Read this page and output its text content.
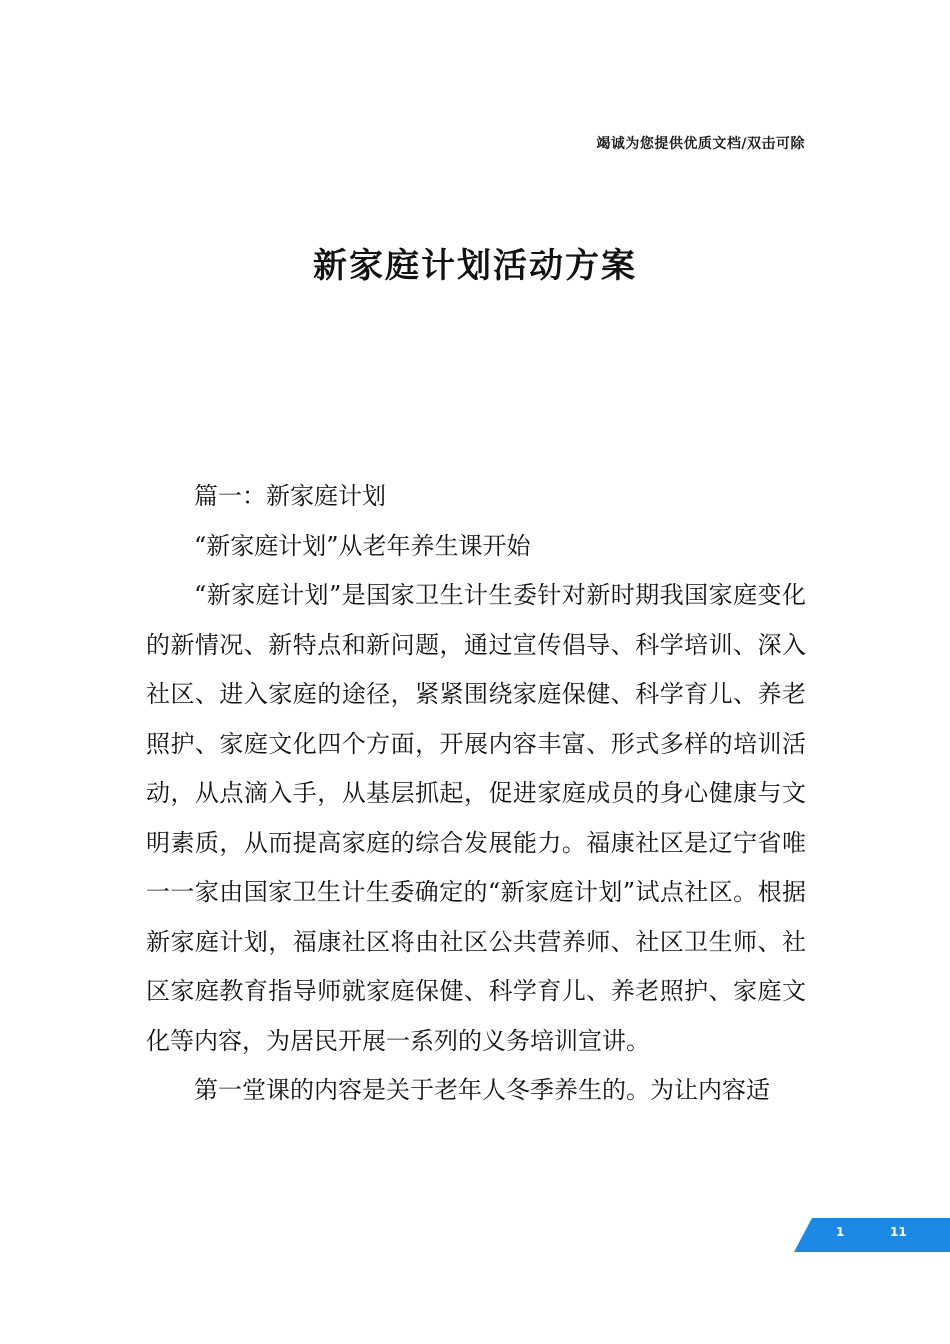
竭诚为您提供优质文档/双击可除
新家庭计划活动方案

篇一：新家庭计划

“新家庭计划”从老年养生课开始

“新家庭计划”是国家卫生计生委针对新时期我国家庭变化的新情况、新特点和新问题，通过宣传倡导、科学培训、深入社区、进入家庭的途径，紧紧围绕家庭保健、科学育儿、养老照护、家庭文化四个方面，开展内容丰富、形式多样的培训活动，从点滴入手，从基层抓起，促进家庭成员的身心健康与文明素质，从而提高家庭的综合发展能力。福康社区是辽宁省唯一一家由国家卫生计生委确定的“新家庭计划”试点社区。根据新家庭计划，福康社区将由社区公共营养师、社区卫生师、社区家庭教育指导师就家庭保健、科学育儿、养老照护、家庭文化等内容，为居民开展一系列的义务培训宣讲。

第一堂课的内容是关于老年人冬季养生的。为让内容适

1	11
